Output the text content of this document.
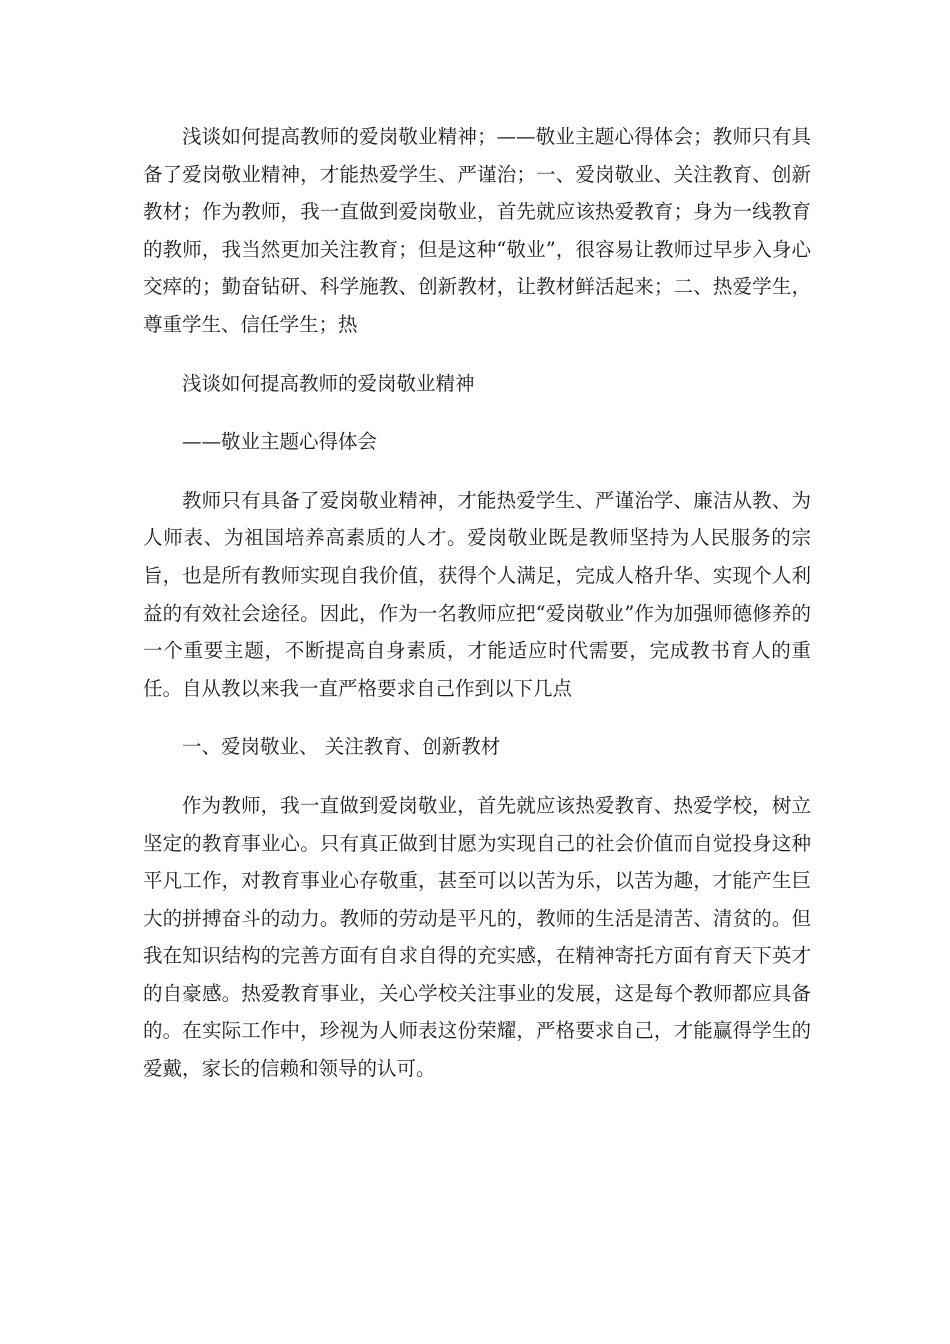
浅谈如何提高教师的爱岗敬业精神；——敬业主题心得体会；教师只有具备了爱岗敬业精神，才能热爱学生、严谨治；一、爱岗敬业、关注教育、创新教材；作为教师，我一直做到爱岗敬业，首先就应该热爱教育；身为一线教育的教师，我当然更加关注教育；但是这种“敬业”，很容易让教师过早步入身心交瘁的；勤奋钻研、科学施教、创新教材，让教材鲜活起来；二、热爱学生，尊重学生、信任学生；热

浅谈如何提高教师的爱岗敬业精神

——敬业主题心得体会

教师只有具备了爱岗敬业精神，才能热爱学生、严谨治学、廉洁从教、为人师表、为祖国培养高素质的人才。爱岗敬业既是教师坚持为人民服务的宗旨，也是所有教师实现自我价值，获得个人满足，完成人格升华、实现个人利益的有效社会途径。因此，作为一名教师应把“爱岗敬业”作为加强师德修养的一个重要主题，不断提高自身素质，才能适应时代需要，完成教书育人的重任。自从教以来我一直严格要求自己作到以下几点

一、爱岗敬业、 关注教育、创新教材

作为教师，我一直做到爱岗敬业，首先就应该热爱教育、热爱学校，树立坚定的教育事业心。只有真正做到甘愿为实现自己的社会价值而自觉投身这种平凡工作，对教育事业心存敬重，甚至可以以苦为乐，以苦为趣，才能产生巨大的拼搏奋斗的动力。教师的劳动是平凡的，教师的生活是清苦、清贫的。但我在知识结构的完善方面有自求自得的充实感，在精神寄托方面有育天下英才的自豪感。热爱教育事业，关心学校关注事业的发展，这是每个教师都应具备的。在实际工作中，珍视为人师表这份荣耀，严格要求自己，才能赢得学生的爱戴，家长的信赖和领导的认可。
